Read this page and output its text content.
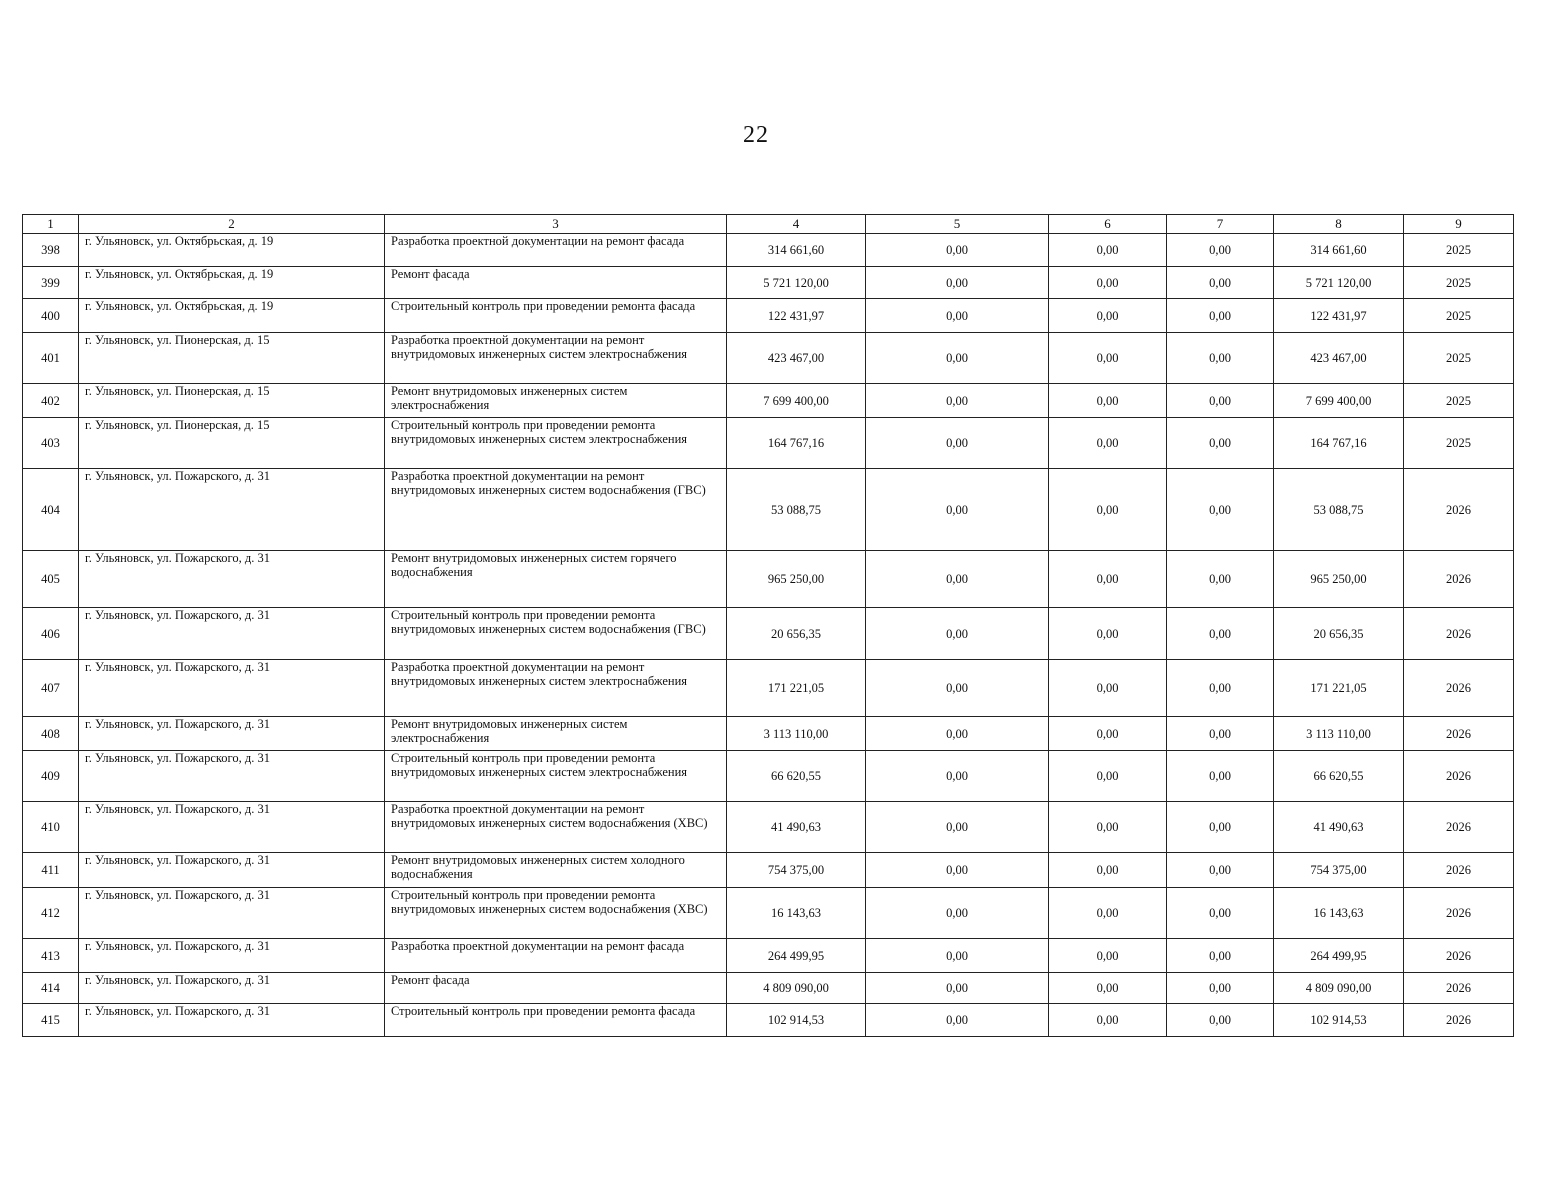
22
1	2	3	4	5	6	7	8	9
398	г. Ульяновск, ул. Октябрьская, д. 19	Разработка проектной документации на ремонт фасада	314 661,60	0,00	0,00	0,00	314 661,60	2025
399	г. Ульяновск, ул. Октябрьская, д. 19	Ремонт фасада	5 721 120,00	0,00	0,00	0,00	5 721 120,00	2025
400	г. Ульяновск, ул. Октябрьская, д. 19	Строительный контроль при проведении ремонта фасада	122 431,97	0,00	0,00	0,00	122 431,97	2025
401	г. Ульяновск, ул. Пионерская, д. 15	Разработка проектной документации на ремонт внутридомовых инженерных систем электроснабжения	423 467,00	0,00	0,00	0,00	423 467,00	2025
402	г. Ульяновск, ул. Пионерская, д. 15	Ремонт внутридомовых инженерных систем электроснабжения	7 699 400,00	0,00	0,00	0,00	7 699 400,00	2025
403	г. Ульяновск, ул. Пионерская, д. 15	Строительный контроль при проведении ремонта внутридомовых инженерных систем электроснабжения	164 767,16	0,00	0,00	0,00	164 767,16	2025
404	г. Ульяновск, ул. Пожарского, д. 31	Разработка проектной документации на ремонт внутридомовых инженерных систем водоснабжения (ГВС)	53 088,75	0,00	0,00	0,00	53 088,75	2026
405	г. Ульяновск, ул. Пожарского, д. 31	Ремонт внутридомовых инженерных систем горячего водоснабжения	965 250,00	0,00	0,00	0,00	965 250,00	2026
406	г. Ульяновск, ул. Пожарского, д. 31	Строительный контроль при проведении ремонта внутридомовых инженерных систем водоснабжения (ГВС)	20 656,35	0,00	0,00	0,00	20 656,35	2026
407	г. Ульяновск, ул. Пожарского, д. 31	Разработка проектной документации на ремонт внутридомовых инженерных систем электроснабжения	171 221,05	0,00	0,00	0,00	171 221,05	2026
408	г. Ульяновск, ул. Пожарского, д. 31	Ремонт внутридомовых инженерных систем электроснабжения	3 113 110,00	0,00	0,00	0,00	3 113 110,00	2026
409	г. Ульяновск, ул. Пожарского, д. 31	Строительный контроль при проведении ремонта внутридомовых инженерных систем электроснабжения	66 620,55	0,00	0,00	0,00	66 620,55	2026
410	г. Ульяновск, ул. Пожарского, д. 31	Разработка проектной документации на ремонт внутридомовых инженерных систем водоснабжения (ХВС)	41 490,63	0,00	0,00	0,00	41 490,63	2026
411	г. Ульяновск, ул. Пожарского, д. 31	Ремонт внутридомовых инженерных систем холодного водоснабжения	754 375,00	0,00	0,00	0,00	754 375,00	2026
412	г. Ульяновск, ул. Пожарского, д. 31	Строительный контроль при проведении ремонта внутридомовых инженерных систем водоснабжения (ХВС)	16 143,63	0,00	0,00	0,00	16 143,63	2026
413	г. Ульяновск, ул. Пожарского, д. 31	Разработка проектной документации на ремонт фасада	264 499,95	0,00	0,00	0,00	264 499,95	2026
414	г. Ульяновск, ул. Пожарского, д. 31	Ремонт фасада	4 809 090,00	0,00	0,00	0,00	4 809 090,00	2026
415	г. Ульяновск, ул. Пожарского, д. 31	Строительный контроль при проведении ремонта фасада	102 914,53	0,00	0,00	0,00	102 914,53	2026
